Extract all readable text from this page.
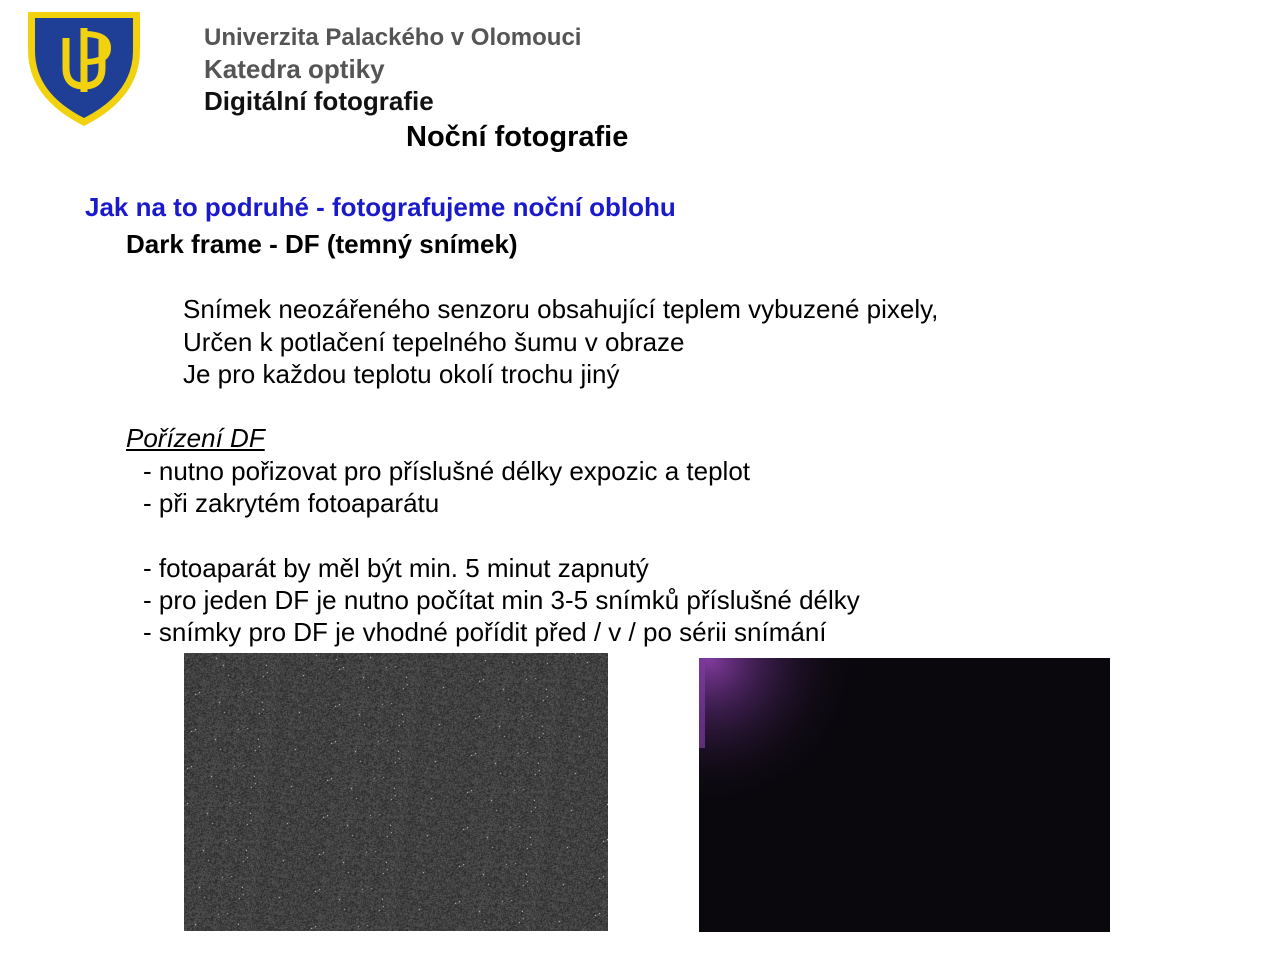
Univerzita Palackého v Olomouci
Katedra optiky
Digitální fotografie
Noční fotografie
Jak na to podruhé - fotografujeme noční oblohu
Dark frame - DF (temný snímek)
Snímek neozářeného senzoru obsahující teplem vybuzené pixely,
Určen k potlačení tepelného šumu v obraze
Je pro každou teplotu okolí trochu jiný
Pořízení DF
- nutno pořizovat pro příslušné délky expozic a teplot
- při zakrytém fotoaparátu
- fotoaparát by měl být min. 5 minut zapnutý
- pro jeden DF je nutno počítat min 3-5 snímků příslušné délky
- snímky pro DF je vhodné pořídit před / v / po sérii snímání
